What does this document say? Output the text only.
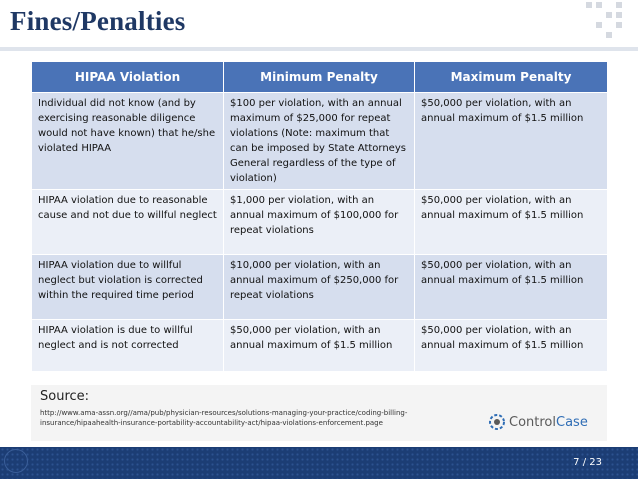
Fines/Penalties
HIPAA Violation	Minimum Penalty	Maximum Penalty
Individual did not know (and by exercising reasonable diligence would not have known) that he/she violated HIPAA	$100 per violation, with an annual maximum of $25,000 for repeat violations (Note: maximum that can be imposed by State Attorneys General regardless of the type of violation)	$50,000 per violation, with an annual maximum of $1.5 million
HIPAA violation due to reasonable cause and not due to willful neglect	$1,000 per violation, with an annual maximum of $100,000 for repeat violations	$50,000 per violation, with an annual maximum of $1.5 million
HIPAA violation due to willful neglect but violation is corrected within the required time period	$10,000 per violation, with an annual maximum of $250,000 for repeat violations	$50,000 per violation, with an annual maximum of $1.5 million
HIPAA violation is due to willful neglect and is not corrected	$50,000 per violation, with an annual maximum of $1.5 million	$50,000 per violation, with an annual maximum of $1.5 million
Source:
http://www.ama-assn.org//ama/pub/physician-resources/solutions-managing-your-practice/coding-billing-insurance/hipaahealth-insurance-portability-accountability-act/hipaa-violations-enforcement.page	ControlCase
7 / 23
